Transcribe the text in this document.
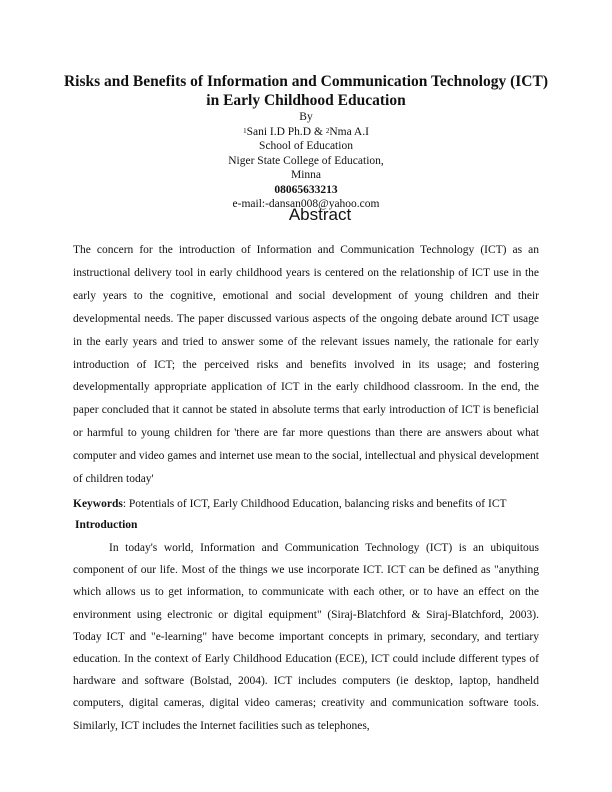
Risks and Benefits of Information and Communication Technology (ICT) in Early Childhood Education
By
$^1$Sani I.D Ph.D & $^2$Nma A.I
School of Education
Niger State College of Education,
Minna
08065633213
e-mail:-dansan008@yahoo.com
Abstract
The concern for the introduction of Information and Communication Technology (ICT) as an instructional delivery tool in early childhood years is centered on the relationship of ICT use in the early years to the cognitive, emotional and social development of young children and their developmental needs. The paper discussed various aspects of the ongoing debate around ICT usage in the early years and tried to answer some of the relevant issues namely, the rationale for early introduction of ICT; the perceived risks and benefits involved in its usage; and fostering developmentally appropriate application of ICT in the early childhood classroom. In the end, the paper concluded that it cannot be stated in absolute terms that early introduction of ICT is beneficial or harmful to young children for 'there are far more questions than there are answers about what computer and video games and internet use mean to the social, intellectual and physical development of children today'
Keywords: Potentials of ICT, Early Childhood Education, balancing risks and benefits of ICT
Introduction
In today's world, Information and Communication Technology (ICT) is an ubiquitous component of our life. Most of the things we use incorporate ICT. ICT can be defined as "anything which allows us to get information, to communicate with each other, or to have an effect on the environment using electronic or digital equipment" (Siraj-Blatchford & Siraj-Blatchford, 2003). Today ICT and "e-learning" have become important concepts in primary, secondary, and tertiary education. In the context of Early Childhood Education (ECE), ICT could include different types of hardware and software (Bolstad, 2004). ICT includes computers (ie desktop, laptop, handheld computers, digital cameras, digital video cameras; creativity and communication software tools. Similarly, ICT includes the Internet facilities such as telephones,
